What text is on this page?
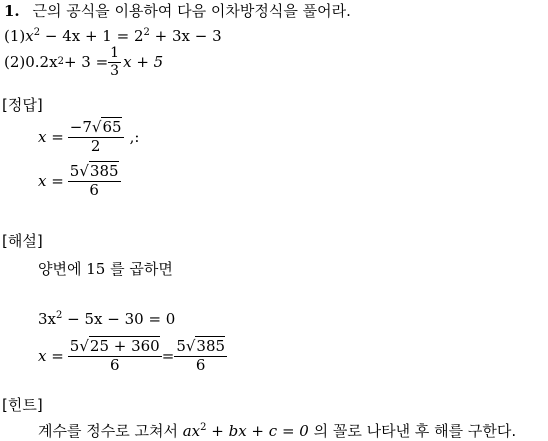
1. 근의 공식을 이용하여 다음 이차방정식을 풀어라.
$(1)x^2 - 4x + 1 = 2^2 + 3x - 3$
(2) 0.2x $2 + 3 = \frac{1}{3}$ x + 5
[정답]
$x = \frac{-7√65}{2}$ ,:
$x = \frac{5√385}{6}$
[해설]
양변에 15 를 곱하면
$3x^2 - 5x - 30 = 0$
$x = \frac{5√25 + 360}{6} = \frac{5√385}{6}$
[힌트]
계수를 정수로 고쳐서 $ax^2$ + bx + c = 0 의 꼴로 나타낸 후 해를 구한다.
